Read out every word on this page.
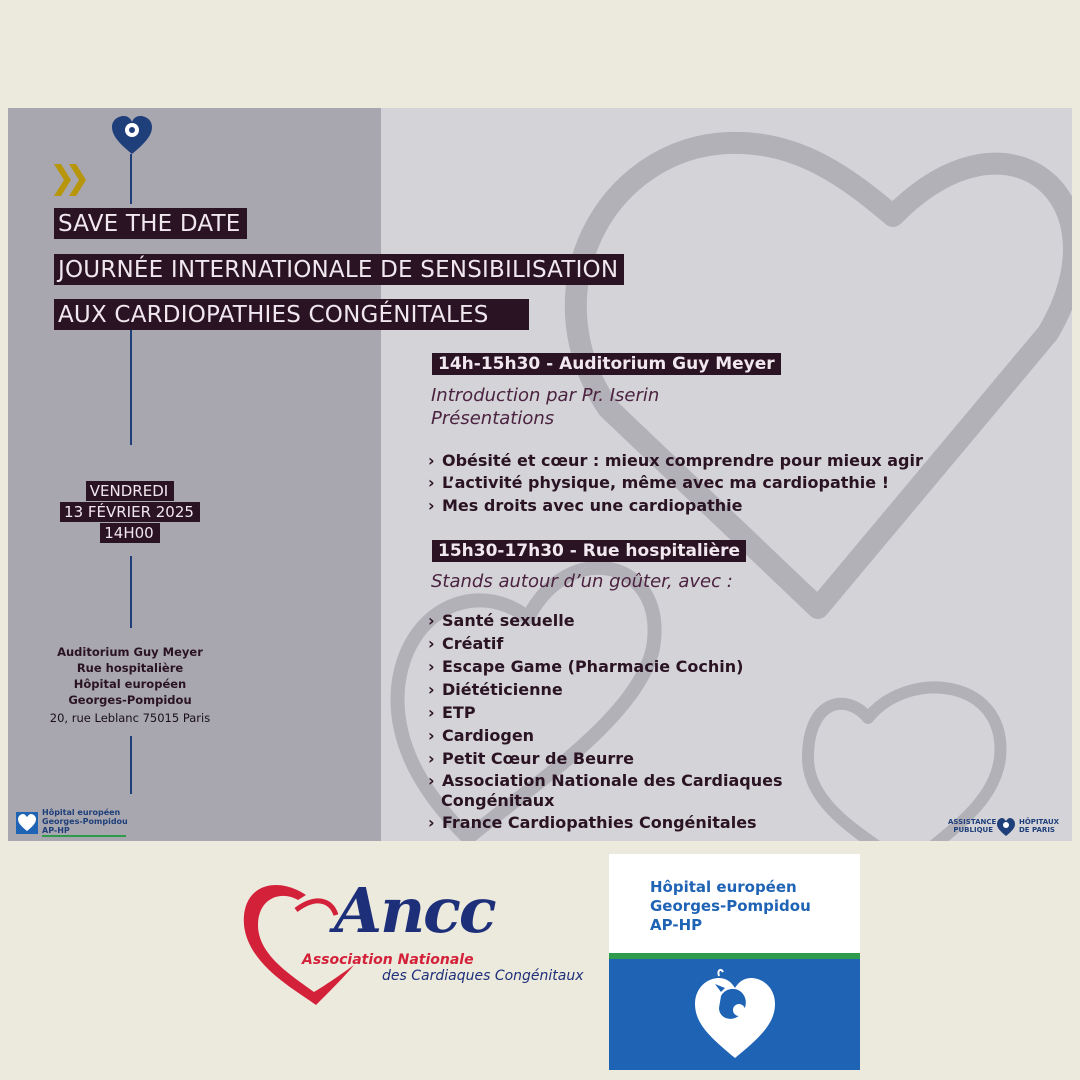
SAVE THE DATE
JOURNÉE INTERNATIONALE DE SENSIBILISATION
AUX CARDIOPATHIES CONGÉNITALES
VENDREDI
13 FÉVRIER 2025
14H00
Auditorium Guy Meyer
Rue hospitalière
Hôpital européen
Georges-Pompidou
20, rue Leblanc 75015 Paris
Hôpital européen
Georges-Pompidou
AP-HP
14h-15h30 - Auditorium Guy Meyer
Introduction par Pr. Iserin
Présentations
› Obésité et cœur : mieux comprendre pour mieux agir
› L’activité physique, même avec ma cardiopathie !
› Mes droits avec une cardiopathie
15h30-17h30 - Rue hospitalière
Stands autour d’un goûter, avec :
› Santé sexuelle
› Créatif
› Escape Game (Pharmacie Cochin)
› Diététicienne
› ETP
› Cardiogen
› Petit Cœur de Beurre
› Association Nationale des Cardiaques
Congénitaux
› France Cardiopathies Congénitales	ASSISTANCE
PUBLIQUE
HÔPITAUX
DE PARIS
Ancc
Association Nationale
des Cardiaques Congénitaux
Hôpital européen
Georges-Pompidou
AP-HP
